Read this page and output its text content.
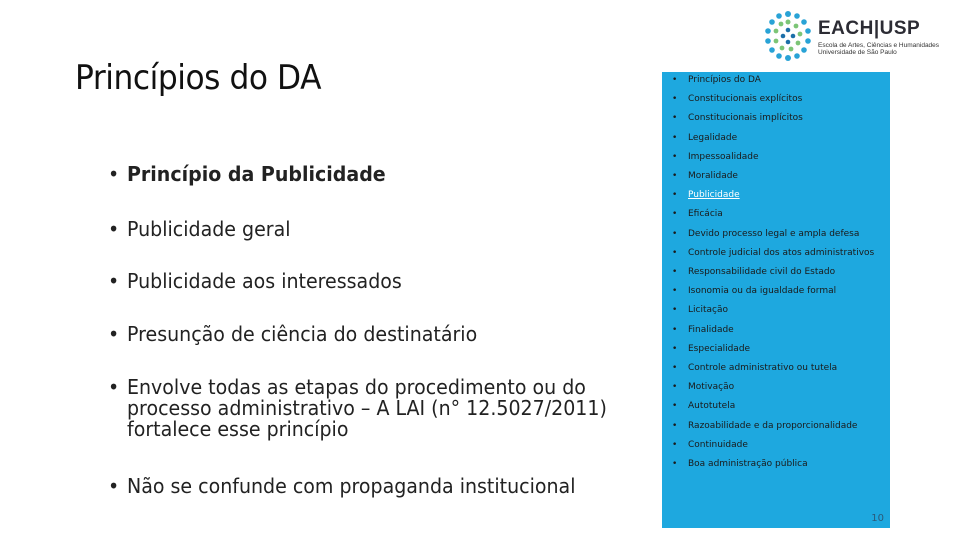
Princípios do DA
• Princípio da Publicidade
• Publicidade geral
• Publicidade aos interessados
• Presunção de ciência do destinatário
• Envolve todas as etapas do procedimento ou do processo administrativo – A LAI (n° 12.5027/2011) fortalece esse princípio
• Não se confunde com propaganda institucional
EACH|USP
Escola de Artes, Ciências e Humanidades Universidade de São Paulo
• Princípios do DA
• Constitucionais explícitos
• Constitucionais implícitos
• Legalidade
• Impessoalidade
• Moralidade
• Publicidade
• Eficácia
• Devido processo legal e ampla defesa
• Controle judicial dos atos administrativos
• Responsabilidade civil do Estado
• Isonomia ou da igualdade formal
• Licitação
• Finalidade
• Especialidade
• Controle administrativo ou tutela
• Motivação
• Autotutela
• Razoabilidade e da proporcionalidade
• Continuidade
• Boa administração pública
10
